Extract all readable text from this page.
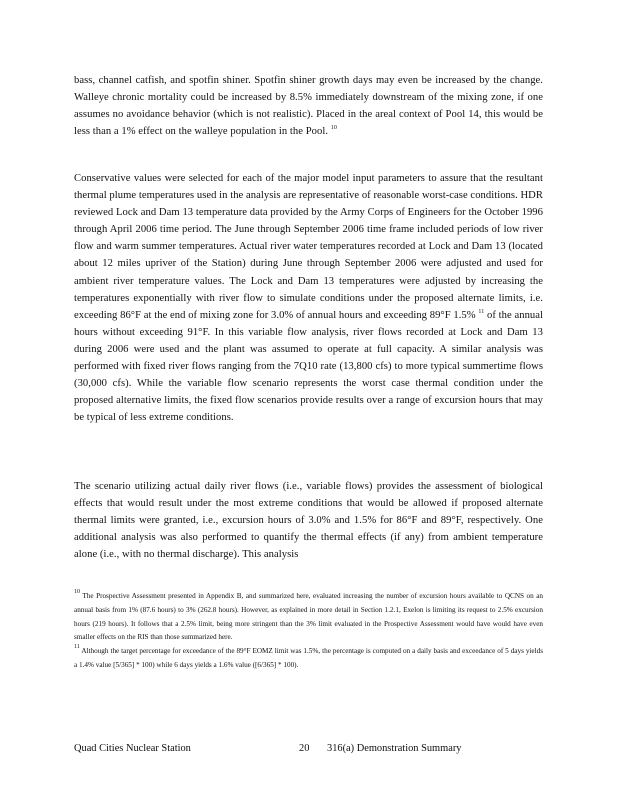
bass, channel catfish, and spotfin shiner. Spotfin shiner growth days may even be increased by the change. Walleye chronic mortality could be increased by 8.5% immediately downstream of the mixing zone, if one assumes no avoidance behavior (which is not realistic). Placed in the areal context of Pool 14, this would be less than a 1% effect on the walleye population in the Pool. $^{10}$

Conservative values were selected for each of the major model input parameters to assure that the resultant thermal plume temperatures used in the analysis are representative of reasonable worst-case conditions. HDR reviewed Lock and Dam 13 temperature data provided by the Army Corps of Engineers for the October 1996 through April 2006 time period. The June through September 2006 time frame included periods of low river flow and warm summer temperatures. Actual river water temperatures recorded at Lock and Dam 13 (located about 12 miles upriver of the Station) during June through September 2006 were adjusted and used for ambient river temperature values. The Lock and Dam 13 temperatures were adjusted by increasing the temperatures exponentially with river flow to simulate conditions under the proposed alternate limits, i.e. exceeding 86°F at the end of mixing zone for 3.0% of annual hours and exceeding 89°F 1.5% $^{11}$ of the annual hours without exceeding 91°F. In this variable flow analysis, river flows recorded at Lock and Dam 13 during 2006 were used and the plant was assumed to operate at full capacity. A similar analysis was performed with fixed river flows ranging from the 7Q10 rate (13,800 cfs) to more typical summertime flows (30,000 cfs). While the variable flow scenario represents the worst case thermal condition under the proposed alternative limits, the fixed flow scenarios provide results over a range of excursion hours that may be typical of less extreme conditions.

The scenario utilizing actual daily river flows (i.e., variable flows) provides the assessment of biological effects that would result under the most extreme conditions that would be allowed if proposed alternate thermal limits were granted, i.e., excursion hours of 3.0% and 1.5% for 86°F and 89°F, respectively. One additional analysis was also performed to quantify the thermal effects (if any) from ambient temperature alone (i.e., with no thermal discharge). This analysis

$^{10}$ The Prospective Assessment presented in Appendix B, and summarized here, evaluated increasing the number of excursion hours available to QCNS on an annual basis from 1% (87.6 hours) to 3% (262.8 hours). However, as explained in more detail in Section 1.2.1, Exelon is limiting its request to 2.5% excursion hours (219 hours). It follows that a 2.5% limit, being more stringent than the 3% limit evaluated in the Prospective Assessment would have would have even smaller effects on the RIS than those summarized here.
$^{11}$ Although the target percentage for exceedance of the 89°F EOMZ limit was 1.5%, the percentage is computed on a daily basis and exceedance of 5 days yields a 1.4% value [5/365] * 100) while 6 days yields a 1.6% value ([6/365] * 100).
Quad Cities Nuclear Station	20 316(a) Demonstration Summary
